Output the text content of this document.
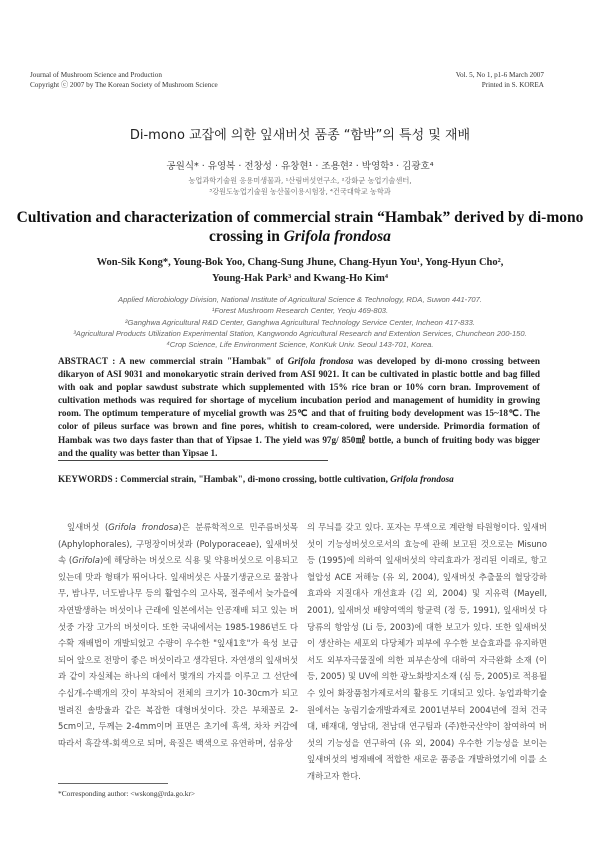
Journal of Mushroom Science and Production
Copyright ⓒ 2007 by The Korean Society of Mushroom Science
Vol. 5, No 1, p1-6 March 2007
Printed in S. KOREA
Di-mono 교잡에 의한 잎새버섯 품종 “함박”의 특성 및 재배
공원식* · 유영복 · 전창성 · 유창현¹ · 조용현² · 박영학³ · 김광호⁴
농업과학기술원 응용미생물과, ¹산림버섯연구소, ²강화군 농업기술센터,
³강원도농업기술원 농산물이용시험장, ⁴건국대학교 농학과
Cultivation and characterization of commercial strain “Hambak” derived by di-mono
crossing in Grifola frondosa
Won-Sik Kong*, Young-Bok Yoo, Chang-Sung Jhune, Chang-Hyun You¹, Yong-Hyun Cho²,
Young-Hak Park³ and Kwang-Ho Kim⁴
Applied Microbiology Division, National Institute of Agricultural Science & Technology, RDA, Suwon 441-707.
¹Forest Mushroom Research Center, Yeoju 469-803.
²Ganghwa Agricultural R&D Center, Ganghwa Agricultural Technology Service Center, Incheon 417-833.
³Agricultural Products Utilization Experimental Station, Kangwondo Agricultural Research and Extention Services, Chuncheon 200-150.
⁴Crop Science, Life Environment Science, KonKuk Univ. Seoul 143-701, Korea.
ABSTRACT : A new commercial strain "Hambak" of Grifola frondosa was developed by di-mono crossing between dikaryon of ASI 9031 and monokaryotic strain derived from ASI 9021. It can be cultivated in plastic bottle and bag filled with oak and poplar sawdust substrate which supplemented with 15% rice bran or 10% corn bran. Improvement of cultivation methods was required for shortage of mycelium incubation period and management of humidity in growing room. The optimum temperature of mycelial growth was 25℃ and that of fruiting body development was 15~18℃. The color of pileus surface was brown and fine pores, whitish to cream-colored, were underside. Primordia formation of Hambak was two days faster than that of Yipsae 1. The yield was 97g/ 850㎖ bottle, a bunch of fruiting body was bigger and the quality was better than Yipsae 1.
KEYWORDS : Commercial strain, "Hambak", di-mono crossing, bottle cultivation, Grifola frondosa
잎새버섯 (Grifola frondosa)은 분류학적으로 민주름버섯목 (Aphylophorales), 구멍장이버섯과 (Polyporaceae), 잎새버섯속 (Grifola)에 해당하는 버섯으로 식용 및 약용버섯으로 이용되고 있는데 맛과 형태가 뛰어나다. 잎새버섯은 사물기생균으로 물참나무, 밤나무, 너도밤나무 등의 활엽수의 고사목, 절주에서 늦가을에 자연발생하는 버섯이나 근래에 일본에서는 인공재배 되고 있는 버섯중 가장 고가의 버섯이다. 또한 국내에서는 1985-1986년도 다수확 재배법이 개발되었고 수량이 우수한 "잎새1호"가 육성 보급되어 앞으로 전망이 좋은 버섯이라고 생각된다. 자연생의 잎새버섯과 같이 자실체는 하나의 대에서 몇개의 가지를 이루고 그 선단에 수십개-수백개의 갓이 부착되어 전체의 크기가 10-30cm가 되고 벌려진 솔방울과 같은 복잡한 대형버섯이다. 갓은 부채꼴로 2-5cm이고, 두께는 2-4mm이며 표면은 초기에 흑색, 차차 커감에 따라서 흑갈색-회색으로 되며, 육질은 백색으로 유연하며, 섬유상
의 무늬를 갖고 있다. 포자는 무색으로 계란형 타원형이다. 잎새버섯이 기능성버섯으로서의 효능에 관해 보고된 것으로는 Misuno 등 (1995)에 의하여 잎새버섯의 약리효과가 정리된 이래로, 항고혈압성 ACE 저해능 (유 외, 2004), 잎새버섯 추출물의 혈당강하효과와 지질대사 개선효과 (김 외, 2004) 및 지유력 (Mayell, 2001), 잎새버섯 배양여액의 항균력 (정 등, 1991), 잎새버섯 다당류의 항암성 (Li 등, 2003)에 대한 보고가 있다. 또한 잎새버섯이 생산하는 세포외 다당체가 피부에 우수한 보습효과를 유지하면서도 외부자극물질에 의한 피부손상에 대하여 자극완화 소재 (이 등, 2005) 및 UV에 의한 광노화방지소재 (심 등, 2005)로 적용될 수 있어 화장품첨가제로서의 활용도 기대되고 있다. 농업과학기술원에서는 농림기술개발과제로 2001년부터 2004년에 걸쳐 건국대, 배재대, 영남대, 전남대 연구팀과 (주)한국산약이 참여하여 버섯의 기능성을 연구하여 (유 외, 2004) 우수한 기능성을 보이는 잎새버섯의 병재배에 적합한 새로운 품종을 개발하였기에 이를 소개하고자 한다.
*Corresponding author: <wskong@rda.go.kr>
